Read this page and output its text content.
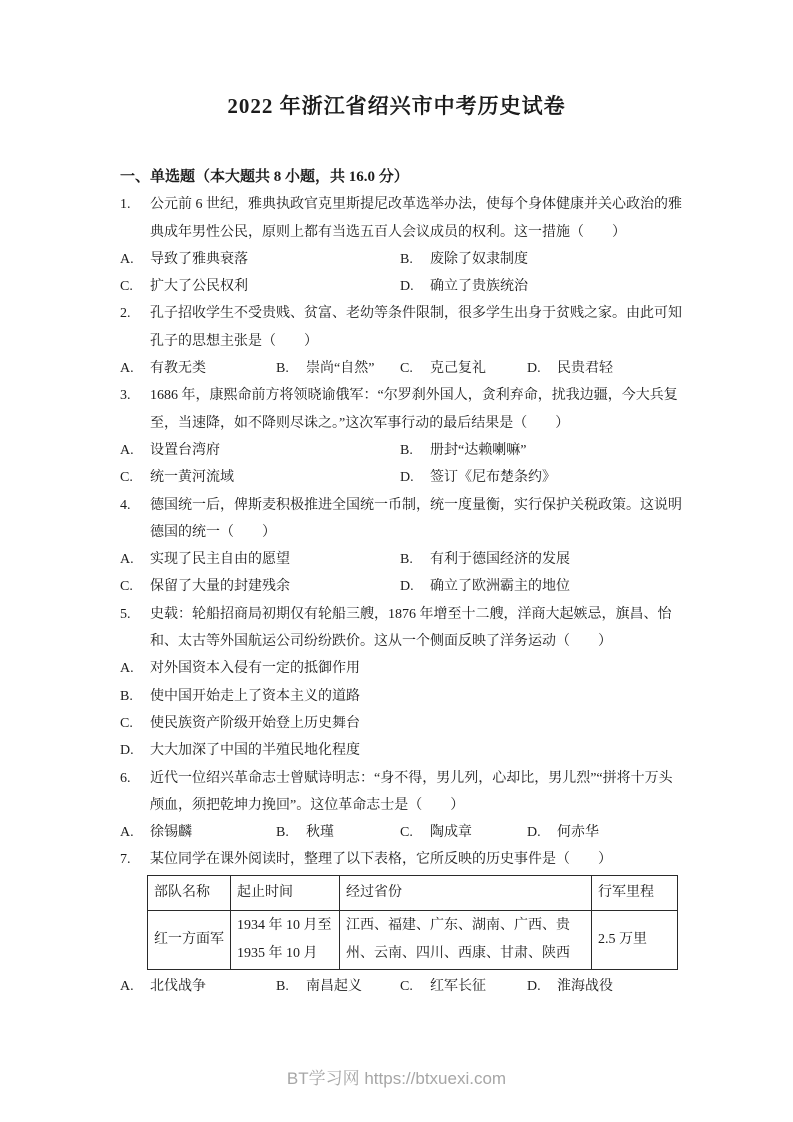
2022 年浙江省绍兴市中考历史试卷
一、单选题（本大题共 8 小题，共 16.0 分）
1. 公元前 6 世纪，雅典执政官克里斯提尼改革选举办法，使每个身体健康并关心政治的雅典成年男性公民，原则上都有当选五百人会议成员的权利。这一措施（　　）
A. 导致了雅典衰落	B. 废除了奴隶制度
C. 扩大了公民权利	D. 确立了贵族统治
2. 孔子招收学生不受贵贱、贫富、老幼等条件限制，很多学生出身于贫贱之家。由此可知孔子的思想主张是（　　）
A. 有教无类	B. 崇尚“自然”	C. 克己复礼	D. 民贵君轻
3. 1686 年，康熙命前方将领晓谕俄军：“尔罗刹外国人，贪利弃命，扰我边疆，今大兵复至，当速降，如不降则尽诛之。”这次军事行动的最后结果是（　　）
A. 设置台湾府	B. 册封“达赖喇嘛”
C. 统一黄河流域	D. 签订《尼布楚条约》
4. 德国统一后，俾斯麦积极推进全国统一币制，统一度量衡，实行保护关税政策。这说明德国的统一（　　）
A. 实现了民主自由的愿望	B. 有利于德国经济的发展
C. 保留了大量的封建残余	D. 确立了欧洲霸主的地位
5. 史载：轮船招商局初期仅有轮船三艘，1876 年增至十二艘，洋商大起嫉忌，旗昌、怡和、太古等外国航运公司纷纷跌价。这从一个侧面反映了洋务运动（　　）
A. 对外国资本入侵有一定的抵御作用
B. 使中国开始走上了资本主义的道路
C. 使民族资产阶级开始登上历史舞台
D. 大大加深了中国的半殖民地化程度
6. 近代一位绍兴革命志士曾赋诗明志：“身不得，男儿列，心却比，男儿烈”“拼将十万头颅血，须把乾坤力挽回”。这位革命志士是（　　）
A. 徐锡麟	B. 秋瑾	C. 陶成章	D. 何赤华
7. 某位同学在课外阅读时，整理了以下表格，它所反映的历史事件是（　　）
部队名称	起止时间	经过省份	行军里程
红一方面军	1934 年 10 月至 1935 年 10 月	江西、福建、广东、湖南、广西、贵州、云南、四川、西康、甘肃、陕西	2.5 万里
A. 北伐战争	B. 南昌起义	C. 红军长征	D. 淮海战役
BT学习网 https://btxuexi.com
